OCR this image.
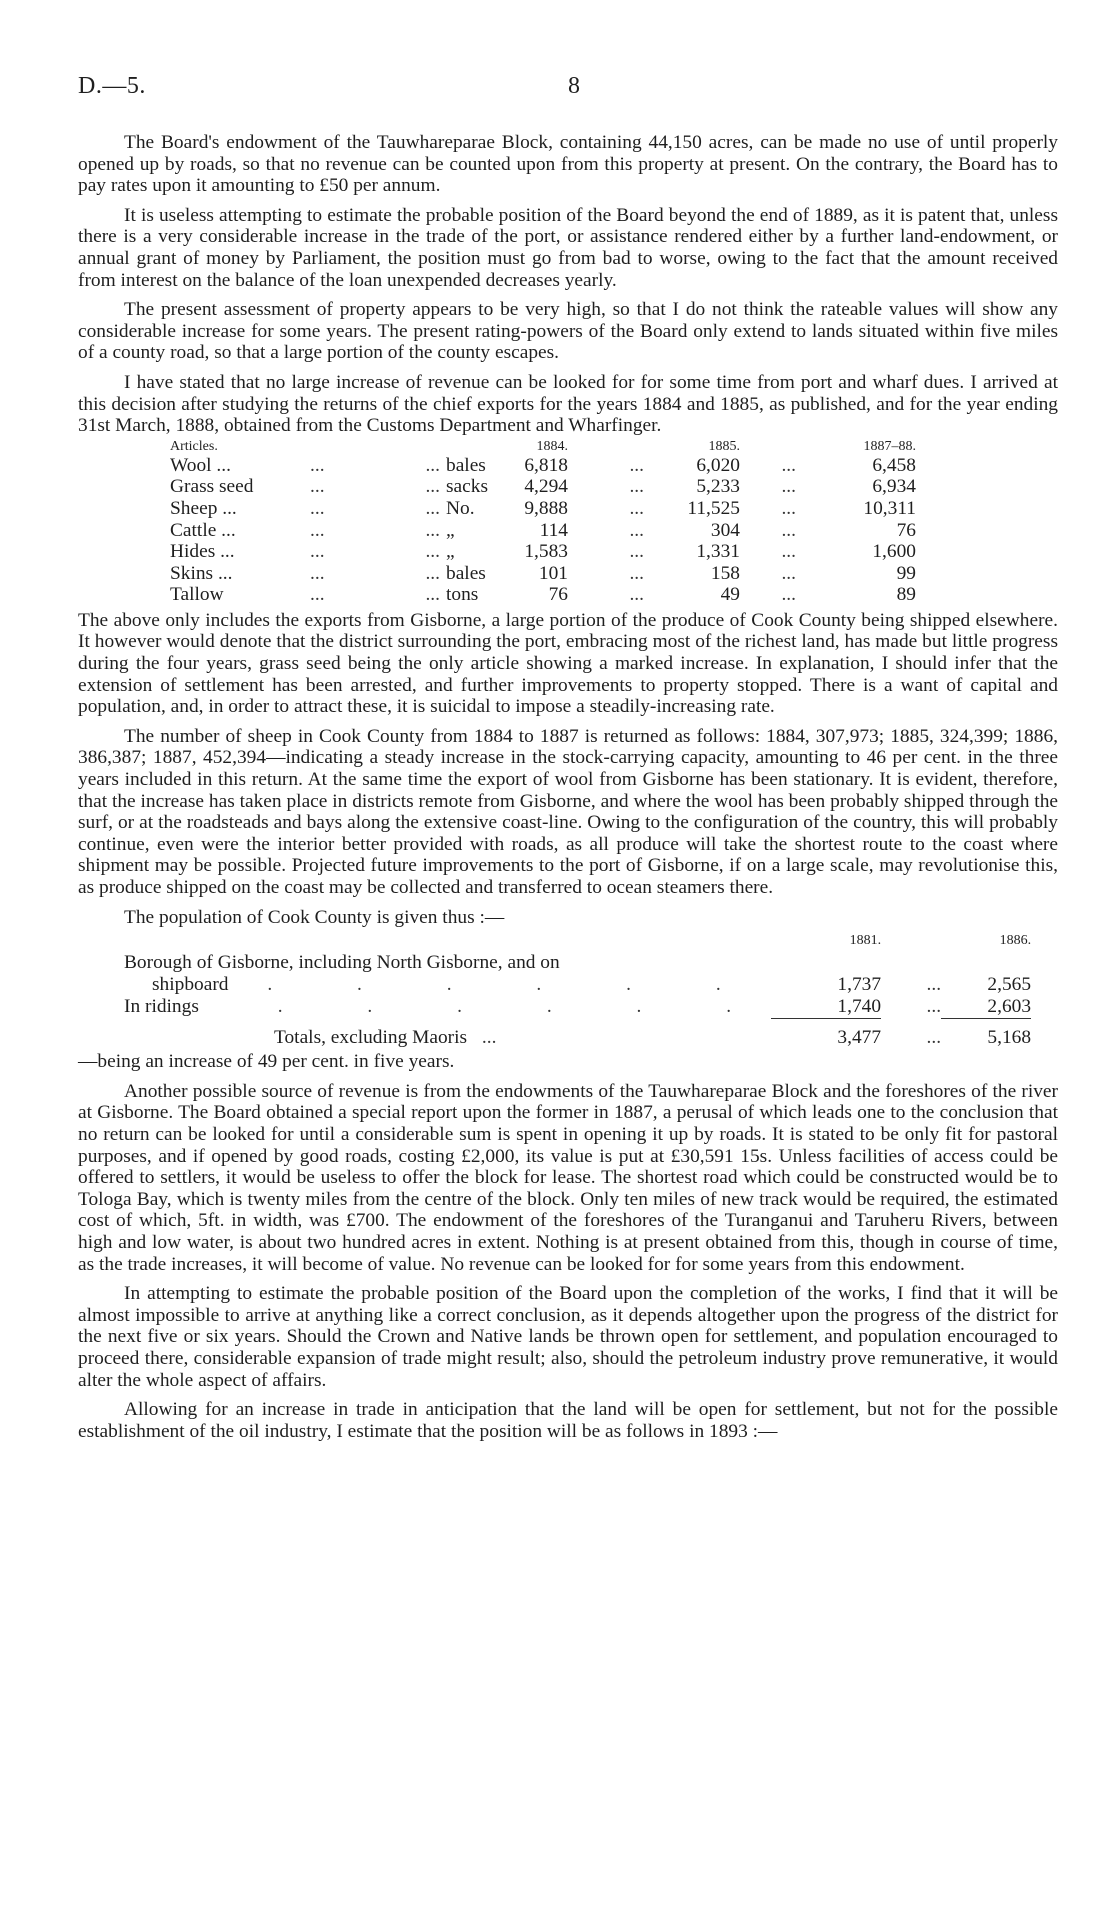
D.—5.	8

The Board's endowment of the Tauwhareparae Block, containing 44,150 acres, can be made no use of until properly opened up by roads, so that no revenue can be counted upon from this property at present. On the contrary, the Board has to pay rates upon it amounting to £50 per annum.

It is useless attempting to estimate the probable position of the Board beyond the end of 1889, as it is patent that, unless there is a very considerable increase in the trade of the port, or assistance rendered either by a further land-endowment, or annual grant of money by Parliament, the position must go from bad to worse, owing to the fact that the amount received from interest on the balance of the loan unexpended decreases yearly.

The present assessment of property appears to be very high, so that I do not think the rateable values will show any considerable increase for some years. The present rating-powers of the Board only extend to lands situated within five miles of a county road, so that a large portion of the county escapes.

I have stated that no large increase of revenue can be looked for for some time from port and wharf dues. I arrived at this decision after studying the returns of the chief exports for the years 1884 and 1885, as published, and for the year ending 31st March, 1888, obtained from the Customs Department and Wharfinger.

Articles.				1884.		1885.		1887–88.
Wool ...	...	...	bales	6,818	...	6,020	...	6,458
Grass seed	...	...	sacks	4,294	...	5,233	...	6,934
Sheep ...	...	...	No.	9,888	...	11,525	...	10,311
Cattle ...	...	...	„	114	...	304	...	76
Hides ...	...	...	„	1,583	...	1,331	...	1,600
Skins ...	...	...	bales	101	...	158	...	99
Tallow	...	...	tons	76	...	49	...	89

The above only includes the exports from Gisborne, a large portion of the produce of Cook County being shipped elsewhere. It however would denote that the district surrounding the port, embracing most of the richest land, has made but little progress during the four years, grass seed being the only article showing a marked increase. In explanation, I should infer that the extension of settlement has been arrested, and further improvements to property stopped. There is a want of capital and population, and, in order to attract these, it is suicidal to impose a steadily-increasing rate.

The number of sheep in Cook County from 1884 to 1887 is returned as follows: 1884, 307,973; 1885, 324,399; 1886, 386,387; 1887, 452,394—indicating a steady increase in the stock-carrying capacity, amounting to 46 per cent. in the three years included in this return. At the same time the export of wool from Gisborne has been stationary. It is evident, therefore, that the increase has taken place in districts remote from Gisborne, and where the wool has been probably shipped through the surf, or at the roadsteads and bays along the extensive coast-line. Owing to the configuration of the country, this will probably continue, even were the interior better provided with roads, as all produce will take the shortest route to the coast where shipment may be possible. Projected future improvements to the port of Gisborne, if on a large scale, may revolutionise this, as produce shipped on the coast may be collected and transferred to ocean steamers there.

The population of Cook County is given thus :—

	1881.		1886.
Borough of Gisborne, including North Gisborne, and on			
shipboard . . . . . .	1,737	...	2,565
In ridings . . . . . .	1,740	...	2,603
Totals, excluding Maoris ...	3,477	...	5,168

—being an increase of 49 per cent. in five years.

Another possible source of revenue is from the endowments of the Tauwhareparae Block and the foreshores of the river at Gisborne. The Board obtained a special report upon the former in 1887, a perusal of which leads one to the conclusion that no return can be looked for until a considerable sum is spent in opening it up by roads. It is stated to be only fit for pastoral purposes, and if opened by good roads, costing £2,000, its value is put at £30,591 15s. Unless facilities of access could be offered to settlers, it would be useless to offer the block for lease. The shortest road which could be constructed would be to Tologa Bay, which is twenty miles from the centre of the block. Only ten miles of new track would be required, the estimated cost of which, 5ft. in width, was £700. The endowment of the foreshores of the Turanganui and Taruheru Rivers, between high and low water, is about two hundred acres in extent. Nothing is at present obtained from this, though in course of time, as the trade increases, it will become of value. No revenue can be looked for for some years from this endowment.

In attempting to estimate the probable position of the Board upon the completion of the works, I find that it will be almost impossible to arrive at anything like a correct conclusion, as it depends altogether upon the progress of the district for the next five or six years. Should the Crown and Native lands be thrown open for settlement, and population encouraged to proceed there, considerable expansion of trade might result; also, should the petroleum industry prove remunerative, it would alter the whole aspect of affairs.

Allowing for an increase in trade in anticipation that the land will be open for settlement, but not for the possible establishment of the oil industry, I estimate that the position will be as follows in 1893 :—
